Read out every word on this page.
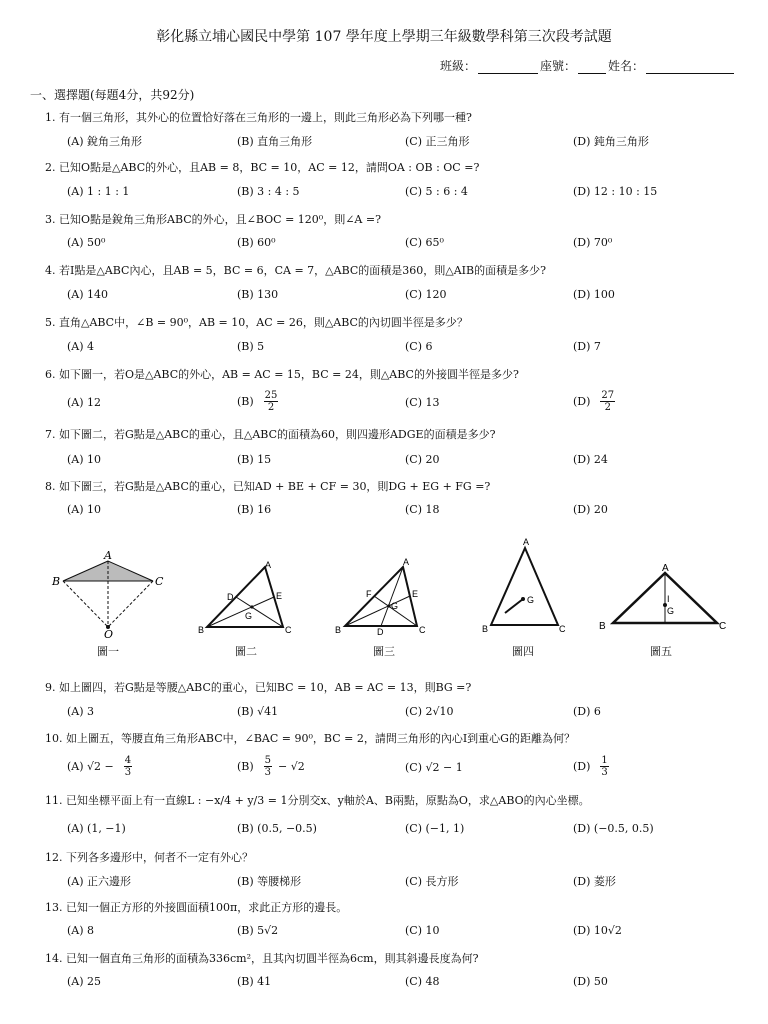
彰化縣立埔心國民中學第 107 學年度上學期三年級數學科第三次段考試題
班級：	座號：	姓名：
一、選擇題(每題4分，共92分)
1. 有一個三角形，其外心的位置恰好落在三角形的一邊上，則此三角形必為下列哪一種?
(A) 銳角三角形	(B) 直角三角形	(C) 正三角形	(D) 鈍角三角形
2. 已知O點是△ABC的外心，且AB = 8，BC = 10，AC = 12，請問OA : OB : OC =?
(A) 1 : 1 : 1	(B) 3 : 4 : 5	(C) 5 : 6 : 4	(D) 12 : 10 : 15
3. 已知O點是銳角三角形ABC的外心，且∠BOC = 120⁰，則∠A =?
(A) 50⁰	(B) 60⁰	(C) 65⁰	(D) 70⁰
4. 若I點是△ABC內心，且AB = 5，BC = 6，CA = 7，△ABC的面積是360，則△AIB的面積是多少?
(A) 140	(B) 130	(C) 120	(D) 100
5. 直角△ABC中，∠B = 90⁰，AB = 10，AC = 26，則△ABC的內切圓半徑是多少？
(A) 4	(B) 5	(C) 6	(D) 7
6. 如下圖一，若O是△ABC的外心，AB = AC = 15，BC = 24，則△ABC的外接圓半徑是多少?
(A) 12	$(B) \frac{25}{2}$	(C) 13	$(D) \frac{27}{2}$
7. 如下圖二，若G點是△ABC的重心，且△ABC的面積為60，則四邊形ADGE的面積是多少?
(A) 10	(B) 15	(C) 20	(D) 24
8. 如下圖三，若G點是△ABC的重心，已知AD + BE + CF = 30，則DG + EG + FG =?
(A) 10	(B) 16	(C) 18	(D) 20
A
B	C
O
圖一
A
B	C
D	E
G
圖二
A
B	C
D
E
F
G
圖三
A
B	C
G
圖四
A
B	C
I
G
圖五
9. 如上圖四，若G點是等腰△ABC的重心，已知BC = 10，AB = AC = 13，則BG =?
(A) 3	(B) √41	(C) 2√10	(D) 6
10. 如上圖五，等腰直角三角形ABC中，∠BAC = 90⁰，BC = 2，請問三角形的內心I到重心G的距離為何？
(A) $√2 - \frac{4}{3}$	$(B) \frac{5}{3} - √2$	(C) √2 − 1	$(D) \frac{1}{3}$
11. 已知坐標平面上有一直線L : −x/4 + y/3 = 1分別交x、y軸於A、B兩點，原點為O，求△ABO的內心坐標。
(A) (1, −1)	(B) (0.5, −0.5)	(C) (−1, 1)	(D) (−0.5, 0.5)
12. 下列各多邊形中，何者不一定有外心？
(A) 正六邊形	(B) 等腰梯形	(C) 長方形	(D) 菱形
13. 已知一個正方形的外接圓面積100π，求此正方形的邊長。
(A) 8	(B) 5√2	(C) 10	(D) 10√2
14. 已知一個直角三角形的面積為336cm²，且其內切圓半徑為6cm，則其斜邊長度為何?
(A) 25	(B) 41	(C) 48	(D) 50
